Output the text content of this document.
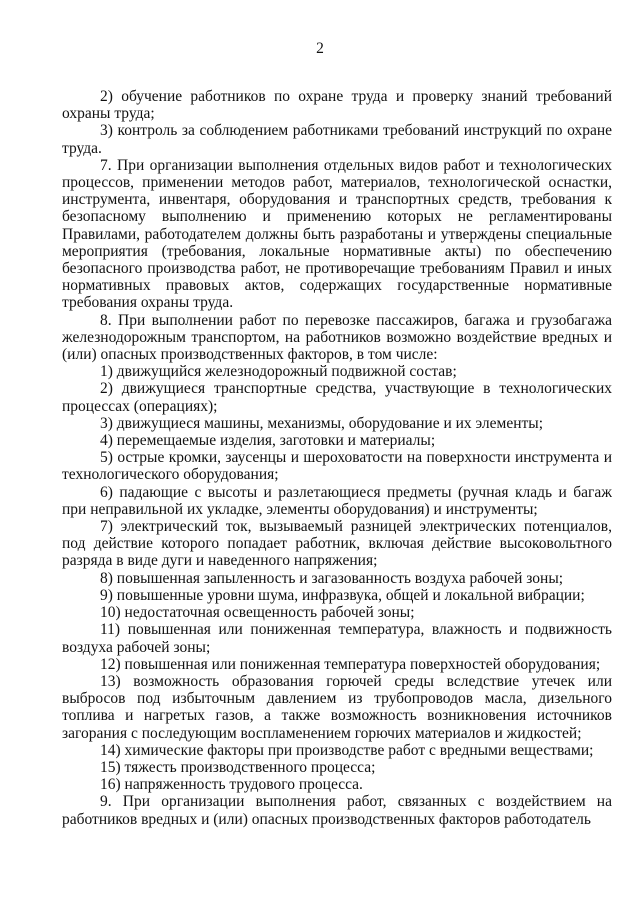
2

2) обучение работников по охране труда и проверку знаний требований охраны труда;

3) контроль за соблюдением работниками требований инструкций по охране труда.

7. При организации выполнения отдельных видов работ и технологических процессов, применении методов работ, материалов, технологической оснастки, инструмента, инвентаря, оборудования и транспортных средств, требования к безопасному выполнению и применению которых не регламентированы Правилами, работодателем должны быть разработаны и утверждены специальные мероприятия (требования, локальные нормативные акты) по обеспечению безопасного производства работ, не противоречащие требованиям Правил и иных нормативных правовых актов, содержащих государственные нормативные требования охраны труда.

8. При выполнении работ по перевозке пассажиров, багажа и грузобагажа железнодорожным транспортом, на работников возможно воздействие вредных и (или) опасных производственных факторов, в том числе:

1) движущийся железнодорожный подвижной состав;

2) движущиеся транспортные средства, участвующие в технологических процессах (операциях);

3) движущиеся машины, механизмы, оборудование и их элементы;

4) перемещаемые изделия, заготовки и материалы;

5) острые кромки, заусенцы и шероховатости на поверхности инструмента и технологического оборудования;

6) падающие с высоты и разлетающиеся предметы (ручная кладь и багаж при неправильной их укладке, элементы оборудования) и инструменты;

7) электрический ток, вызываемый разницей электрических потенциалов, под действие которого попадает работник, включая действие высоковольтного разряда в виде дуги и наведенного напряжения;

8) повышенная запыленность и загазованность воздуха рабочей зоны;

9) повышенные уровни шума, инфразвука, общей и локальной вибрации;

10) недостаточная освещенность рабочей зоны;

11) повышенная или пониженная температура, влажность и подвижность воздуха рабочей зоны;

12) повышенная или пониженная температура поверхностей оборудования;

13) возможность образования горючей среды вследствие утечек или выбросов под избыточным давлением из трубопроводов масла, дизельного топлива и нагретых газов, а также возможность возникновения источников загорания с последующим воспламенением горючих материалов и жидкостей;

14) химические факторы при производстве работ с вредными веществами;

15) тяжесть производственного процесса;

16) напряженность трудового процесса.

9. При организации выполнения работ, связанных с воздействием на работников вредных и (или) опасных производственных факторов работодатель
